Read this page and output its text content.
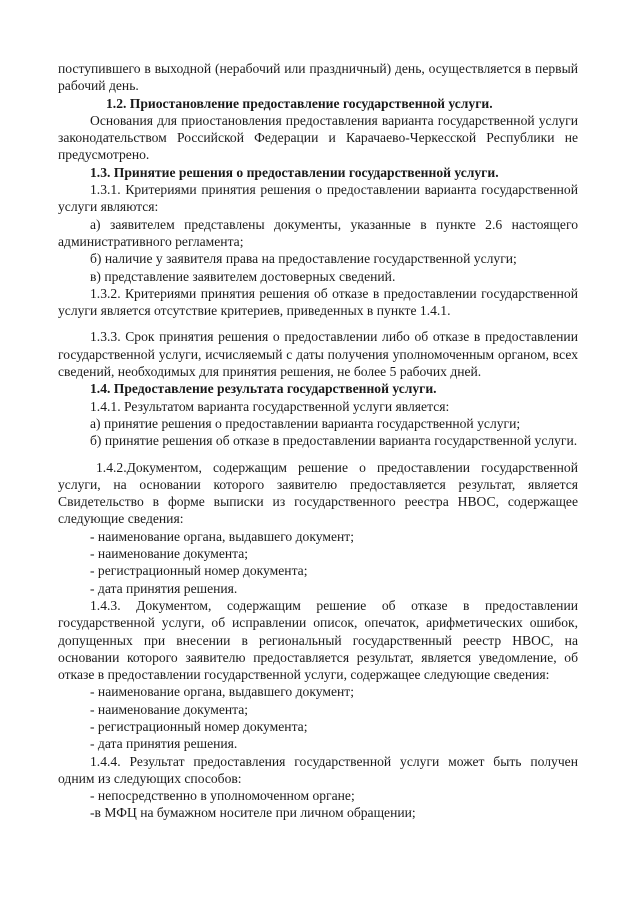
поступившего в выходной (нерабочий или праздничный) день, осуществляется в первый рабочий день.

1.2. Приостановление предоставление государственной услуги.

Основания для приостановления предоставления варианта государственной услуги законодательством Российской Федерации и Карачаево-Черкесской Республики не предусмотрено.

1.3. Принятие решения о предоставлении государственной услуги.

1.3.1. Критериями принятия решения о предоставлении варианта государственной услуги являются:

а) заявителем представлены документы, указанные в пункте 2.6 настоящего административного регламента;

б) наличие у заявителя права на предоставление государственной услуги;

в) представление заявителем достоверных сведений.

1.3.2. Критериями принятия решения об отказе в предоставлении государственной услуги является отсутствие критериев, приведенных в пункте 1.4.1.

1.3.3. Срок принятия решения о предоставлении либо об отказе в предоставлении государственной услуги, исчисляемый с даты получения уполномоченным органом, всех сведений, необходимых для принятия решения, не более 5 рабочих дней.

1.4. Предоставление результата государственной услуги.

1.4.1. Результатом варианта государственной услуги является:

а) принятие решения о предоставлении варианта государственной услуги;

б) принятие решения об отказе в предоставлении варианта государственной услуги.

1.4.2.Документом, содержащим решение о предоставлении государственной услуги, на основании которого заявителю предоставляется результат, является Свидетельство в форме выписки из государственного реестра НВОС, содержащее следующие сведения:

- наименование органа, выдавшего документ;

- наименование документа;

- регистрационный номер документа;

- дата принятия решения.

1.4.3. Документом, содержащим решение об отказе в предоставлении государственной услуги, об исправлении описок, опечаток, арифметических ошибок, допущенных при внесении в региональный государственный реестр НВОС, на основании которого заявителю предоставляется результат, является уведомление, об отказе в предоставлении государственной услуги, содержащее следующие сведения:

- наименование органа, выдавшего документ;

- наименование документа;

- регистрационный номер документа;

- дата принятия решения.

1.4.4. Результат предоставления государственной услуги может быть получен одним из следующих способов:

- непосредственно в уполномоченном органе;

-в МФЦ на бумажном носителе при личном обращении;
